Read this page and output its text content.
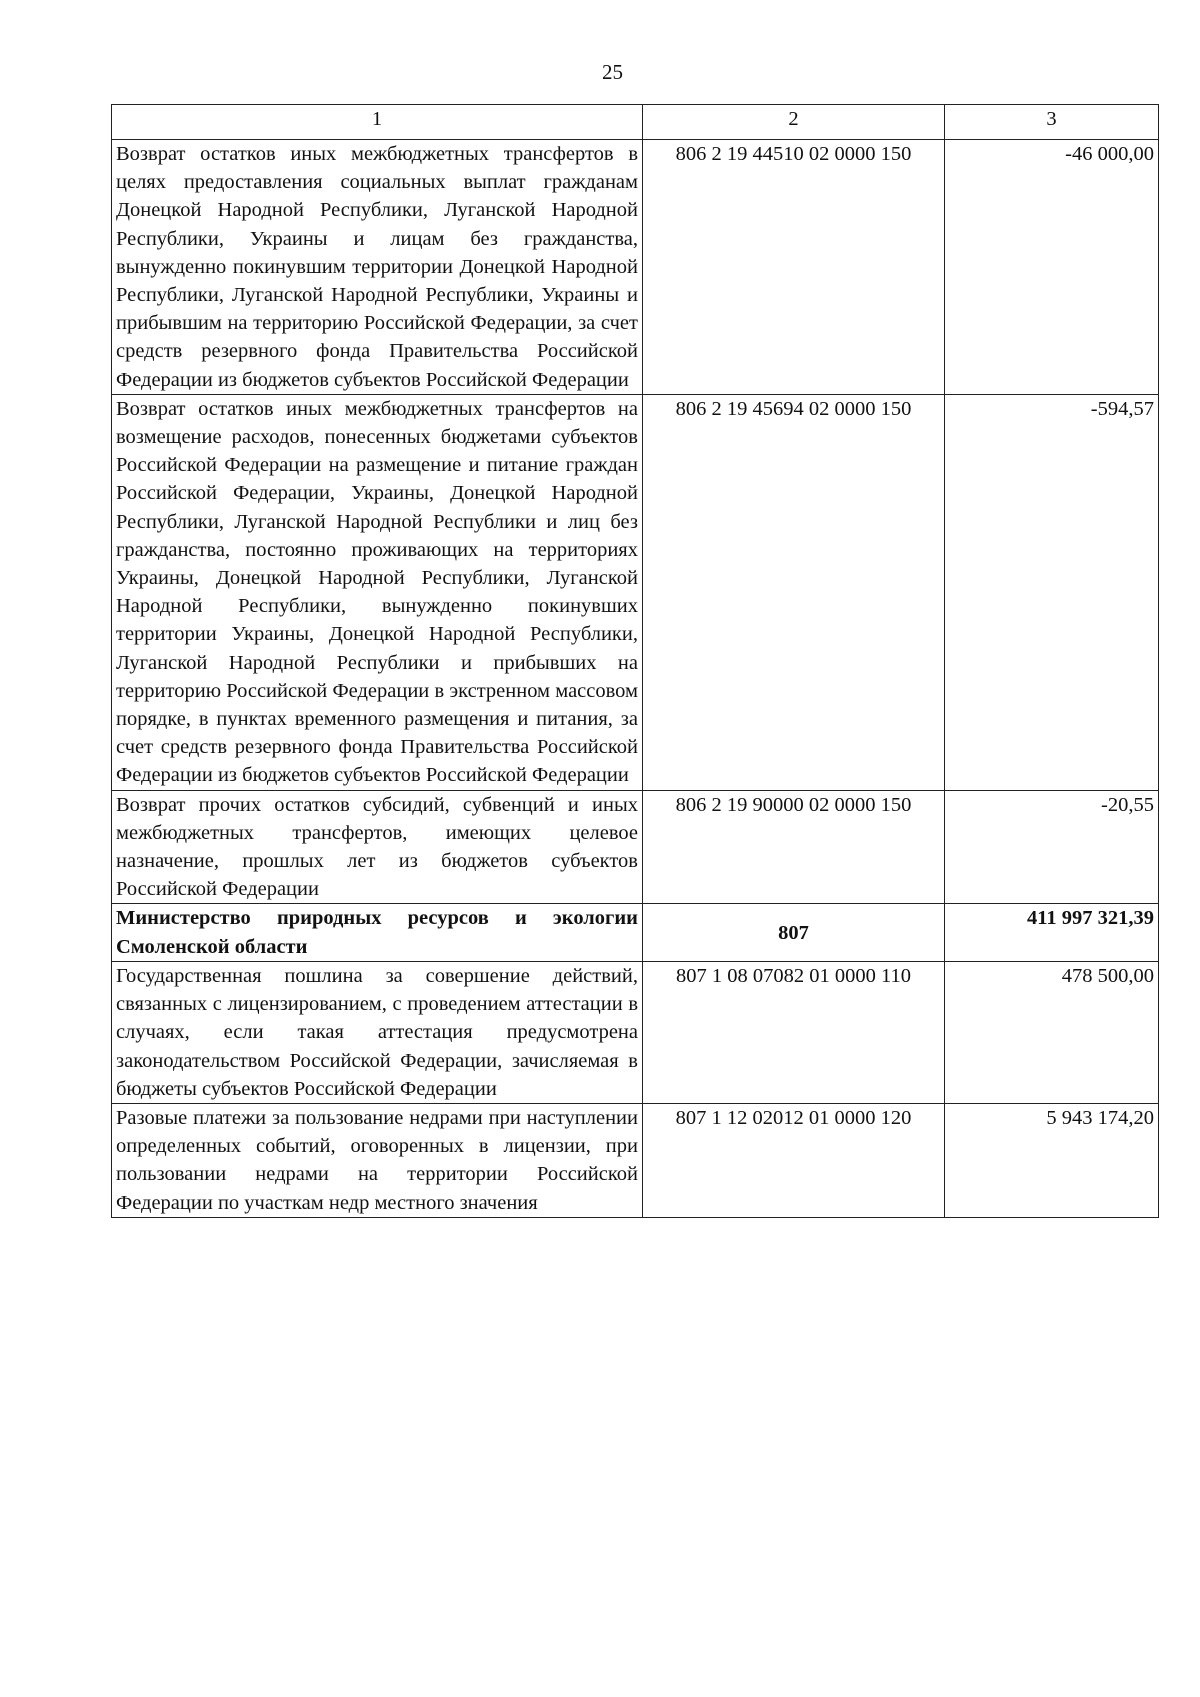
25
1	2	3
Возврат остатков иных межбюджетных трансфертов в целях предоставления социальных выплат гражданам Донецкой Народной Республики, Луганской Народной Республики, Украины и лицам без гражданства, вынужденно покинувшим территории Донецкой Народной Республики, Луганской Народной Республики, Украины и прибывшим на территорию Российской Федерации, за счет средств резервного фонда Правительства Российской Федерации из бюджетов субъектов Российской Федерации	806 2 19 44510 02 0000 150	-46 000,00
Возврат остатков иных межбюджетных трансфертов на возмещение расходов, понесенных бюджетами субъектов Российской Федерации на размещение и питание граждан Российской Федерации, Украины, Донецкой Народной Республики, Луганской Народной Республики и лиц без гражданства, постоянно проживающих на территориях Украины, Донецкой Народной Республики, Луганской Народной Республики, вынужденно покинувших территории Украины, Донецкой Народной Республики, Луганской Народной Республики и прибывших на территорию Российской Федерации в экстренном массовом порядке, в пунктах временного размещения и питания, за счет средств резервного фонда Правительства Российской Федерации из бюджетов субъектов Российской Федерации	806 2 19 45694 02 0000 150	-594,57
Возврат прочих остатков субсидий, субвенций и иных межбюджетных трансфертов, имеющих целевое назначение, прошлых лет из бюджетов субъектов Российской Федерации	806 2 19 90000 02 0000 150	-20,55
Министерство природных ресурсов и экологии Смоленской области	807	411 997 321,39
Государственная пошлина за совершение действий, связанных с лицензированием, с проведением аттестации в случаях, если такая аттестация предусмотрена законодательством Российской Федерации, зачисляемая в бюджеты субъектов Российской Федерации	807 1 08 07082 01 0000 110	478 500,00
Разовые платежи за пользование недрами при наступлении определенных событий, оговоренных в лицензии, при пользовании недрами на территории Российской Федерации по участкам недр местного значения	807 1 12 02012 01 0000 120	5 943 174,20
